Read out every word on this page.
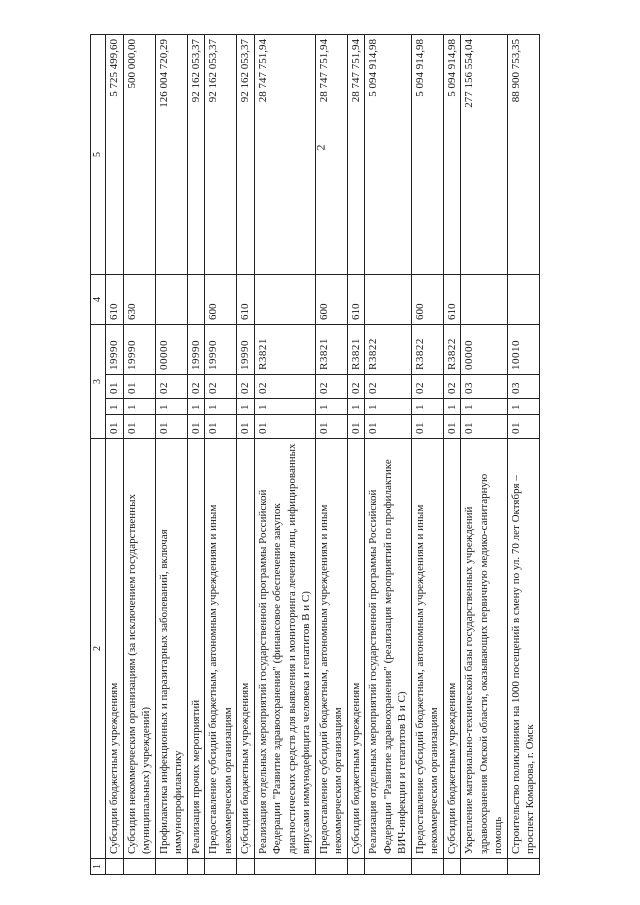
2
1	2	3				4	5
	Субсидии бюджетным учреждениям	01	1	01	19990	610	5 725 499,60
	Субсидии некоммерческим организациям (за исключением государственных (муниципальных) учреждений)	01	1	01	19990	630	500 000,00
	Профилактика инфекционных и паразитарных заболеваний, включая иммунопрофилактику	01	1	02	00000		126 004 720,29
	Реализация прочих мероприятий	01	1	02	19990		92 162 053,37
	Предоставление субсидий бюджетным, автономным учреждениям и иным некоммерческим организациям	01	1	02	19990	600	92 162 053,37
	Субсидии бюджетным учреждениям	01	1	02	19990	610	92 162 053,37
	Реализация отдельных мероприятий государственной программы Российской Федерации "Развитие здравоохранения" (финансовое обеспечение закупок диагностических средств для выявления и мониторинга лечения лиц, инфицированных вирусами иммунодефицита человека и гепатитов В и С)	01	1	02	R3821		28 747 751,94
	Предоставление субсидий бюджетным, автономным учреждениям и иным некоммерческим организациям	01	1	02	R3821	600	28 747 751,94
	Субсидии бюджетным учреждениям	01	1	02	R3821	610	28 747 751,94
	Реализация отдельных мероприятий государственной программы Российской Федерации "Развитие здравоохранения" (реализация мероприятий по профилактике ВИЧ-инфекции и гепатитов В и С)	01	1	02	R3822		5 094 914,98
	Предоставление субсидий бюджетным, автономным учреждениям и иным некоммерческим организациям	01	1	02	R3822	600	5 094 914,98
	Субсидии бюджетным учреждениям	01	1	02	R3822	610	5 094 914,98
	Укрепление материально-технической базы государственных учреждений здравоохранения Омской области, оказывающих первичную медико-санитарную помощь	01	1	03	00000		277 156 554,04
	Строительство поликлиники на 1000 посещений в смену по ул. 70 лет Октября – проспект Комарова, г. Омск	01	1	03	10010		88 900 753,35
